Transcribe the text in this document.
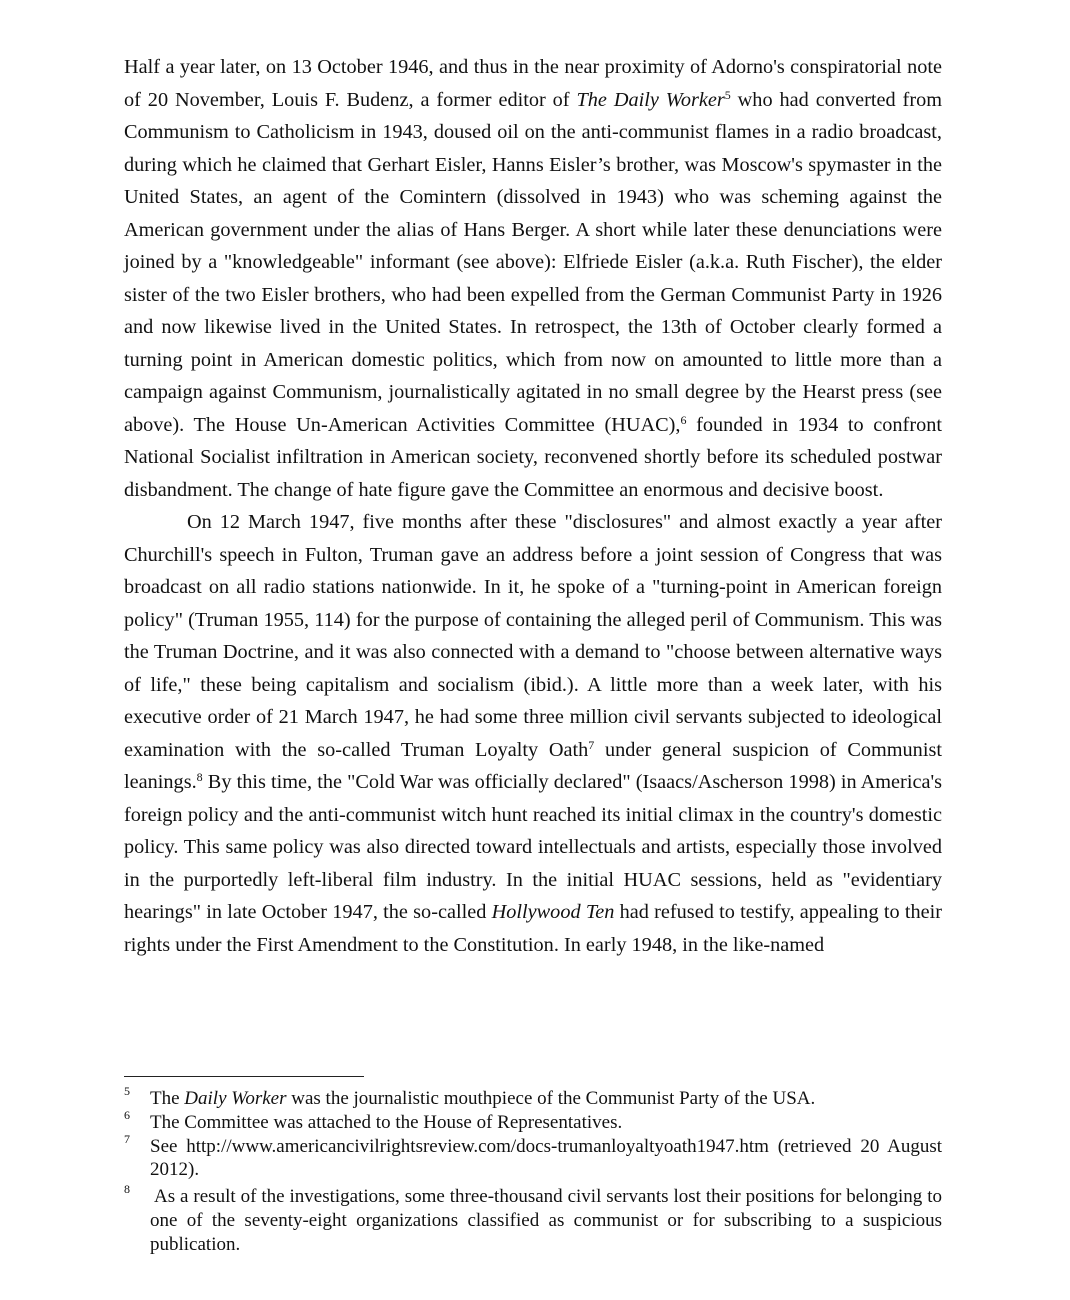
Half a year later, on 13 October 1946, and thus in the near proximity of Adorno's conspiratorial note of 20 November, Louis F. Budenz, a former editor of The Daily Worker$^5$ who had converted from Communism to Catholicism in 1943, doused oil on the anti-communist flames in a radio broadcast, during which he claimed that Gerhart Eisler, Hanns Eisler’s brother, was Moscow's spymaster in the United States, an agent of the Comintern (dissolved in 1943) who was scheming against the American government under the alias of Hans Berger. A short while later these denunciations were joined by a "knowledgeable" informant (see above): Elfriede Eisler (a.k.a. Ruth Fischer), the elder sister of the two Eisler brothers, who had been expelled from the German Communist Party in 1926 and now likewise lived in the United States. In retrospect, the 13th of October clearly formed a turning point in American domestic politics, which from now on amounted to little more than a campaign against Communism, journalistically agitated in no small degree by the Hearst press (see above). The House Un-American Activities Committee (HUAC),$^6$ founded in 1934 to confront National Socialist infiltration in American society, reconvened shortly before its scheduled postwar disbandment. The change of hate figure gave the Committee an enormous and decisive boost.

On 12 March 1947, five months after these "disclosures" and almost exactly a year after Churchill's speech in Fulton, Truman gave an address before a joint session of Congress that was broadcast on all radio stations nationwide. In it, he spoke of a "turning-point in American foreign policy" (Truman 1955, 114) for the purpose of containing the alleged peril of Communism. This was the Truman Doctrine, and it was also connected with a demand to "choose between alternative ways of life," these being capitalism and socialism (ibid.). A little more than a week later, with his executive order of 21 March 1947, he had some three million civil servants subjected to ideological examination with the so-called Truman Loyalty Oath$^7$ under general suspicion of Communist leanings.$^8$ By this time, the "Cold War was officially declared" (Isaacs/Ascherson 1998) in America's foreign policy and the anti-communist witch hunt reached its initial climax in the country's domestic policy. This same policy was also directed toward intellectuals and artists, especially those involved in the purportedly left-liberal film industry. In the initial HUAC sessions, held as "evidentiary hearings" in late October 1947, the so-called Hollywood Ten had refused to testify, appealing to their rights under the First Amendment to the Constitution. In early 1948, in the like-named

5 The Daily Worker was the journalistic mouthpiece of the Communist Party of the USA.
6 The Committee was attached to the House of Representatives.
7 See http://www.americancivilrightsreview.com/docs-trumanloyaltyoath1947.htm (retrieved 20 August 2012).
8 As a result of the investigations, some three-thousand civil servants lost their positions for belonging to one of the seventy-eight organizations classified as communist or for subscribing to a suspicious publication.
